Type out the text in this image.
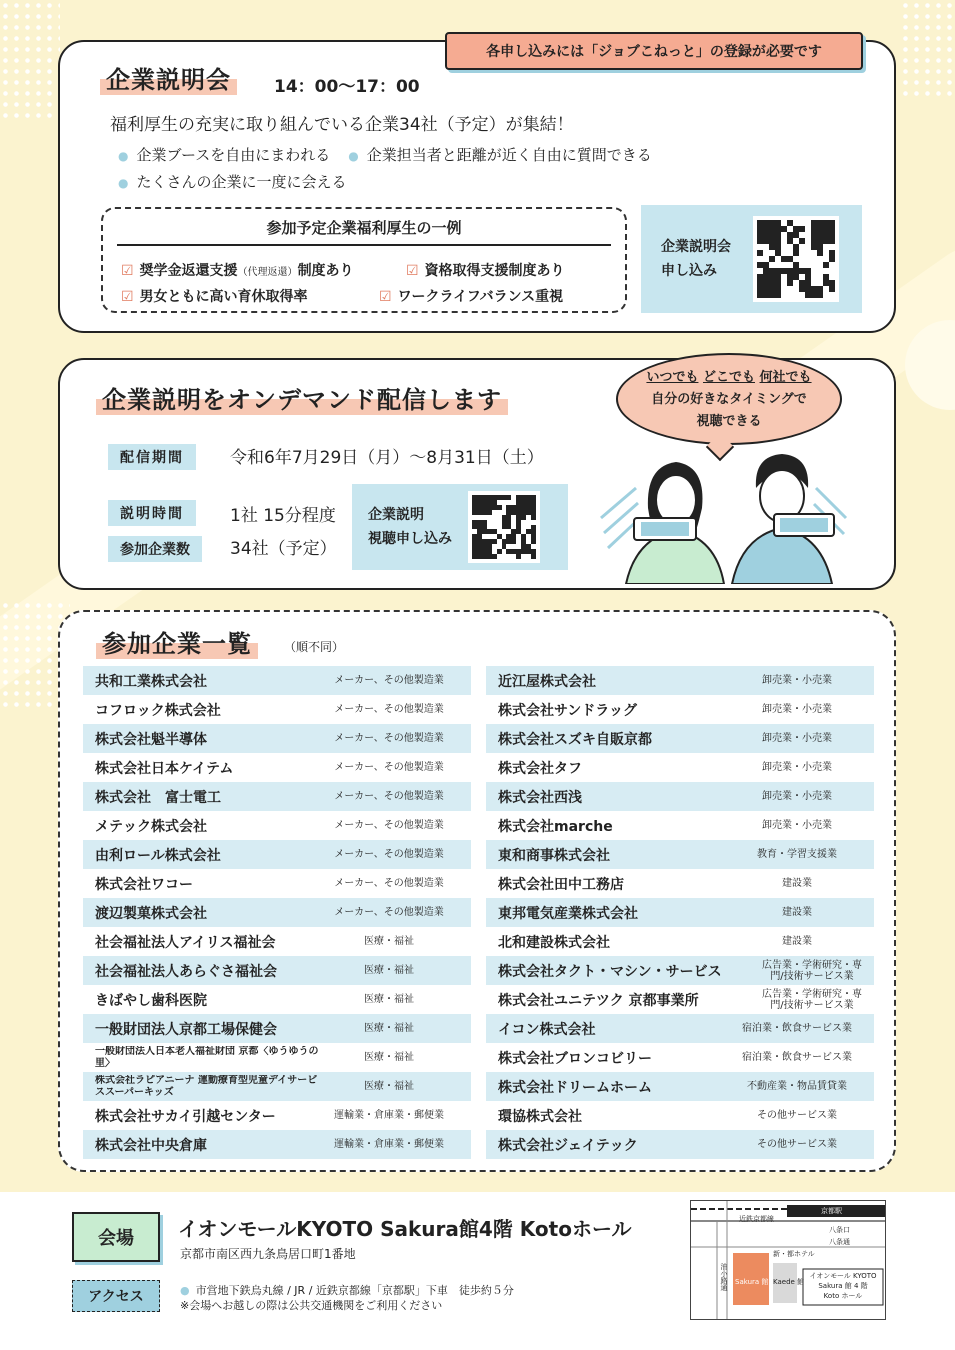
各申し込みには「ジョブこねっと」の登録が必要です
企業説明会	14：00〜17：00
福利厚生の充実に取り組んでいる企業34社（予定）が集結！
● 企業ブースを自由にまわれる	● 企業担当者と距離が近く自由に質問できる
● たくさんの企業に一度に会える
参加予定企業福利厚生の一例
☑ 奨学金返還支援（代理返還）制度あり	☑ 資格取得支援制度あり
☑ 男女ともに高い育休取得率	☑ ワークライフバランス重視
企業説明会
申し込み
企業説明をオンデマンド配信します
配信期間	令和6年7月29日（月）〜8月31日（土）
説明時間	1社 15分程度
参加企業数	34社（予定）
企業説明
視聴申し込み
いつでも どこでも 何社でも
自分の好きなタイミングで
視聴できる
参加企業一覧	（順不同）
共和工業株式会社	メーカー、その他製造業
コフロック株式会社	メーカー、その他製造業
株式会社魁半導体	メーカー、その他製造業
株式会社日本ケイテム	メーカー、その他製造業
株式会社　富士電工	メーカー、その他製造業
メテック株式会社	メーカー、その他製造業
由利ロール株式会社	メーカー、その他製造業
株式会社ワコー	メーカー、その他製造業
渡辺製菓株式会社	メーカー、その他製造業
社会福祉法人アイリス福祉会	医療・福祉
社会福祉法人あらぐさ福祉会	医療・福祉
きばやし歯科医院	医療・福祉
一般財団法人京都工場保健会	医療・福祉
一般財団法人日本老人福祉財団 京都〈ゆうゆうの里〉	医療・福祉
株式会社ラピアニーナ 運動療育型児童デイサービススーパーキッズ	医療・福祉
株式会社サカイ引越センター	運輸業・倉庫業・郵便業
株式会社中央倉庫	運輸業・倉庫業・郵便業
近江屋株式会社	卸売業・小売業
株式会社サンドラッグ	卸売業・小売業
株式会社スズキ自販京都	卸売業・小売業
株式会社タフ	卸売業・小売業
株式会社西浅	卸売業・小売業
株式会社marche	卸売業・小売業
東和商事株式会社	教育・学習支援業
株式会社田中工務店	建設業
東邦電気産業株式会社	建設業
北和建設株式会社	建設業
株式会社タクト・マシン・サービス	広告業・学術研究・専門/技術サービス業
株式会社ユニテツク 京都事業所	広告業・学術研究・専門/技術サービス業
イコン株式会社	宿泊業・飲食サービス業
株式会社ブロンコビリー	宿泊業・飲食サービス業
株式会社ドリームホーム	不動産業・物品賃貸業
環協株式会社	その他サービス業
株式会社ジェイテック	その他サービス業
会場	イオンモールKYOTO Sakura館4階 Kotoホール
京都市南区西九条鳥居口町1番地
アクセス	● 市営地下鉄烏丸線 / JR / 近鉄京都線「京都駅」下車　徒歩約５分
※会場へお越しの際は公共交通機関をご利用ください
京都駅
近鉄京都線
八条口
八条通
新・都ホテル
油小路通 Sakura 館 Kaede 館
イオンモール KYOTO
Sakura 館 4 階
Koto ホール
